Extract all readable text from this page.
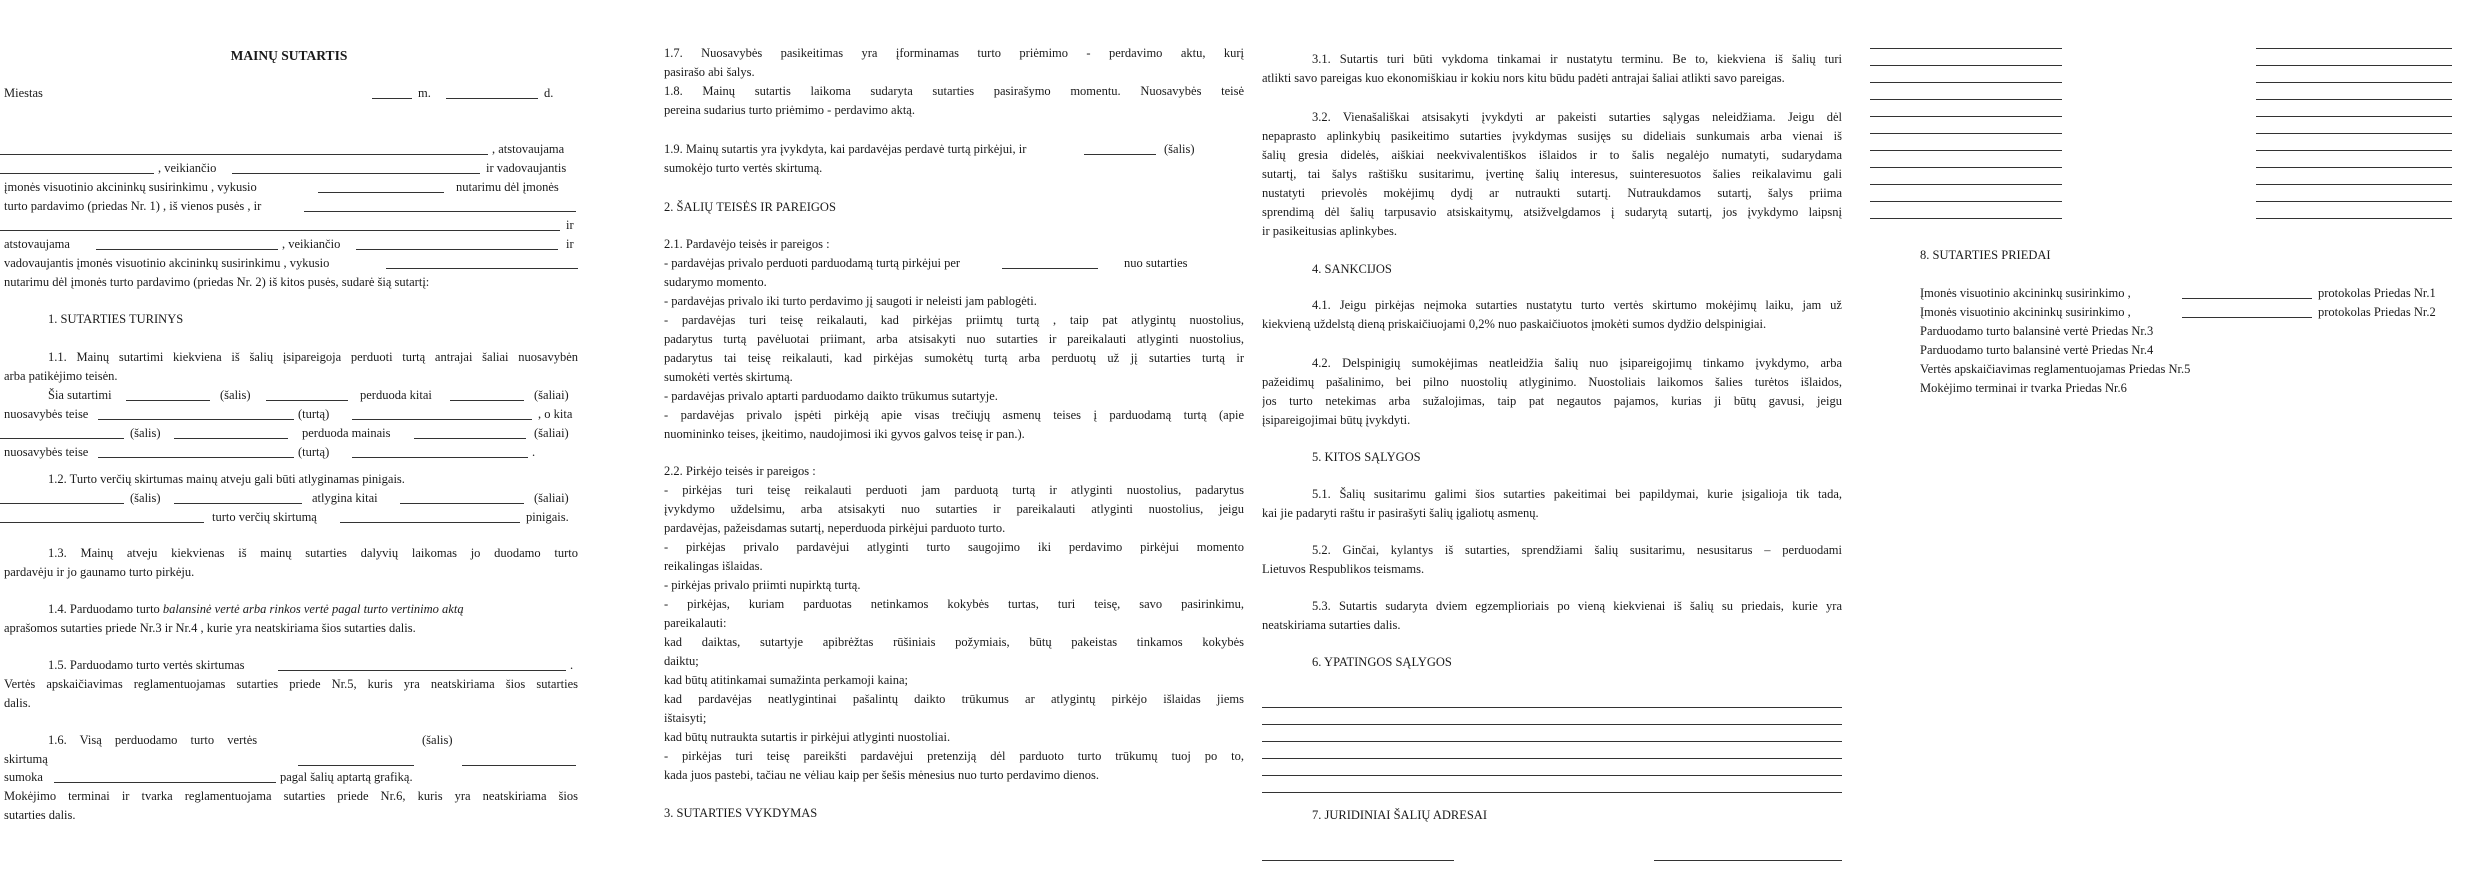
MAINŲ SUTARTIS
Miestas	m.	d.
, atstovaujama
, veikiančio	ir vadovaujantis
įmonės visuotinio akcininkų susirinkimu , vykusio	nutarimu dėl įmonės
turto pardavimo (priedas Nr. 1) , iš vienos pusės , ir
ir
atstovaujama	, veikiančio	ir
vadovaujantis įmonės visuotinio akcininkų susirinkimu , vykusio
nutarimu dėl įmonės turto pardavimo (priedas Nr. 2) iš kitos pusės, sudarė šią sutartį:
1. SUTARTIES TURINYS
1.1. Mainų sutartimi kiekviena iš šalių įsipareigoja perduoti turtą antrajai šaliai nuosavybėn
arba patikėjimo teisėn.
Šia sutartimi	(šalis)	perduoda kitai	(šaliai)
nuosavybės teise	(turtą)	, o kita
(šalis)	perduoda mainais	(šaliai)
nuosavybės teise	(turtą)	.
1.2. Turto verčių skirtumas mainų atveju gali būti atlyginamas pinigais.
(šalis)	atlygina kitai	(šaliai)
turto verčių skirtumą	pinigais.
1.3. Mainų atveju kiekvienas iš mainų sutarties dalyvių laikomas jo duodamo turto
pardavėju ir jo gaunamo turto pirkėju.
1.4. Parduodamo turto balansinė vertė arba rinkos vertė pagal turto vertinimo aktą
aprašomos sutarties priede Nr.3 ir Nr.4 , kurie yra neatskiriama šios sutarties dalis.
1.5. Parduodamo turto vertės skirtumas	.
Vertės apskaičiavimas reglamentuojamas sutarties priede Nr.5, kuris yra neatskiriama šios sutarties
dalis.
1.6. Visą perduodamo turto vertės	(šalis)
skirtumą
sumoka	pagal šalių aptartą grafiką.
Mokėjimo terminai ir tvarka reglamentuojama sutarties priede Nr.6, kuris yra neatskiriama šios
sutarties dalis.
1.7. Nuosavybės pasikeitimas yra įforminamas turto priėmimo - perdavimo aktu, kurį
pasirašo abi šalys.
1.8. Mainų sutartis laikoma sudaryta sutarties pasirašymo momentu. Nuosavybės teisė
pereina sudarius turto priėmimo - perdavimo aktą.
1.9. Mainų sutartis yra įvykdyta, kai pardavėjas perdavė turtą pirkėjui, ir	(šalis)
sumokėjo turto vertės skirtumą.
2. ŠALIŲ TEISĖS IR PAREIGOS
2.1. Pardavėjo teisės ir pareigos :
- pardavėjas privalo perduoti parduodamą turtą pirkėjui per	nuo sutarties
sudarymo momento.
- pardavėjas privalo iki turto perdavimo jį saugoti ir neleisti jam pablogėti.
- pardavėjas turi teisę reikalauti, kad pirkėjas priimtų turtą , taip pat atlygintų nuostolius,
padarytus turtą pavėluotai priimant, arba atsisakyti nuo sutarties ir pareikalauti atlyginti nuostolius,
padarytus tai teisę reikalauti, kad pirkėjas sumokėtų turtą arba perduotų už jį sutarties turtą ir
sumokėti vertės skirtumą.
- pardavėjas privalo aptarti parduodamo daikto trūkumus sutartyje.
- pardavėjas privalo įspėti pirkėją apie visas trečiųjų asmenų teises į parduodamą turtą (apie
nuomininko teises, įkeitimo, naudojimosi iki gyvos galvos teisę ir pan.).
2.2. Pirkėjo teisės ir pareigos :
- pirkėjas turi teisę reikalauti perduoti jam parduotą turtą ir atlyginti nuostolius, padarytus
įvykdymo uždelsimu, arba atsisakyti nuo sutarties ir pareikalauti atlyginti nuostolius, jeigu
pardavėjas, pažeisdamas sutartį, neperduoda pirkėjui parduoto turto.
- pirkėjas privalo pardavėjui atlyginti turto saugojimo iki perdavimo pirkėjui momento
reikalingas išlaidas.
- pirkėjas privalo priimti nupirktą turtą.
- pirkėjas, kuriam parduotas netinkamos kokybės turtas, turi teisę, savo pasirinkimu,
pareikalauti:
kad daiktas, sutartyje apibrėžtas rūšiniais požymiais, būtų pakeistas tinkamos kokybės
daiktu;
kad būtų atitinkamai sumažinta perkamoji kaina;
kad pardavėjas neatlygintinai pašalintų daikto trūkumus ar atlygintų pirkėjo išlaidas jiems
ištaisyti;
kad būtų nutraukta sutartis ir pirkėjui atlyginti nuostoliai.
- pirkėjas turi teisę pareikšti pardavėjui pretenziją dėl parduoto turto trūkumų tuoj po to,
kada juos pastebi, tačiau ne vėliau kaip per šešis mėnesius nuo turto perdavimo dienos.
3. SUTARTIES VYKDYMAS
3.1. Sutartis turi būti vykdoma tinkamai ir nustatytu terminu. Be to, kiekviena iš šalių turi
atlikti savo pareigas kuo ekonomiškiau ir kokiu nors kitu būdu padėti antrajai šaliai atlikti savo pareigas.
3.2. Vienašališkai atsisakyti įvykdyti ar pakeisti sutarties sąlygas neleidžiama. Jeigu dėl
nepaprasto aplinkybių pasikeitimo sutarties įvykdymas susijęs su dideliais sunkumais arba vienai iš
šalių gresia didelės, aiškiai neekvivalentiškos išlaidos ir to šalis negalėjo numatyti, sudarydama
sutartį, tai šalys raštišku susitarimu, įvertinę šalių interesus, suinteresuotos šalies reikalavimu gali
nustatyti prievolės mokėjimų dydį ar nutraukti sutartį. Nutraukdamos sutartį, šalys priima
sprendimą dėl šalių tarpusavio atsiskaitymų, atsižvelgdamos į sudarytą sutartį, jos įvykdymo laipsnį
ir pasikeitusias aplinkybes.
4. SANKCIJOS
4.1. Jeigu pirkėjas neįmoka sutarties nustatytu turto vertės skirtumo mokėjimų laiku, jam už
kiekvieną uždelstą dieną priskaičiuojami 0,2% nuo paskaičiuotos įmokėti sumos dydžio delspinigiai.
4.2. Delspinigių sumokėjimas neatleidžia šalių nuo įsipareigojimų tinkamo įvykdymo, arba
pažeidimų pašalinimo, bei pilno nuostolių atlyginimo. Nuostoliais laikomos šalies turėtos išlaidos,
jos turto netekimas arba sužalojimas, taip pat negautos pajamos, kurias ji būtų gavusi, jeigu
įsipareigojimai būtų įvykdyti.
5. KITOS SĄLYGOS
5.1. Šalių susitarimu galimi šios sutarties pakeitimai bei papildymai, kurie įsigalioja tik tada,
kai jie padaryti raštu ir pasirašyti šalių įgaliotų asmenų.
5.2. Ginčai, kylantys iš sutarties, sprendžiami šalių susitarimu, nesusitarus – perduodami
Lietuvos Respublikos teismams.
5.3. Sutartis sudaryta dviem egzemplioriais po vieną kiekvienai iš šalių su priedais, kurie yra
neatskiriama sutarties dalis.
6. YPATINGOS SĄLYGOS
7. JURIDINIAI ŠALIŲ ADRESAI
8. SUTARTIES PRIEDAI
Įmonės visuotinio akcininkų susirinkimo ,	protokolas Priedas Nr.1
Įmonės visuotinio akcininkų susirinkimo ,	protokolas Priedas Nr.2
Parduodamo turto balansinė vertė Priedas Nr.3
Parduodamo turto balansinė vertė Priedas Nr.4
Vertės apskaičiavimas reglamentuojamas Priedas Nr.5
Mokėjimo terminai ir tvarka Priedas Nr.6
